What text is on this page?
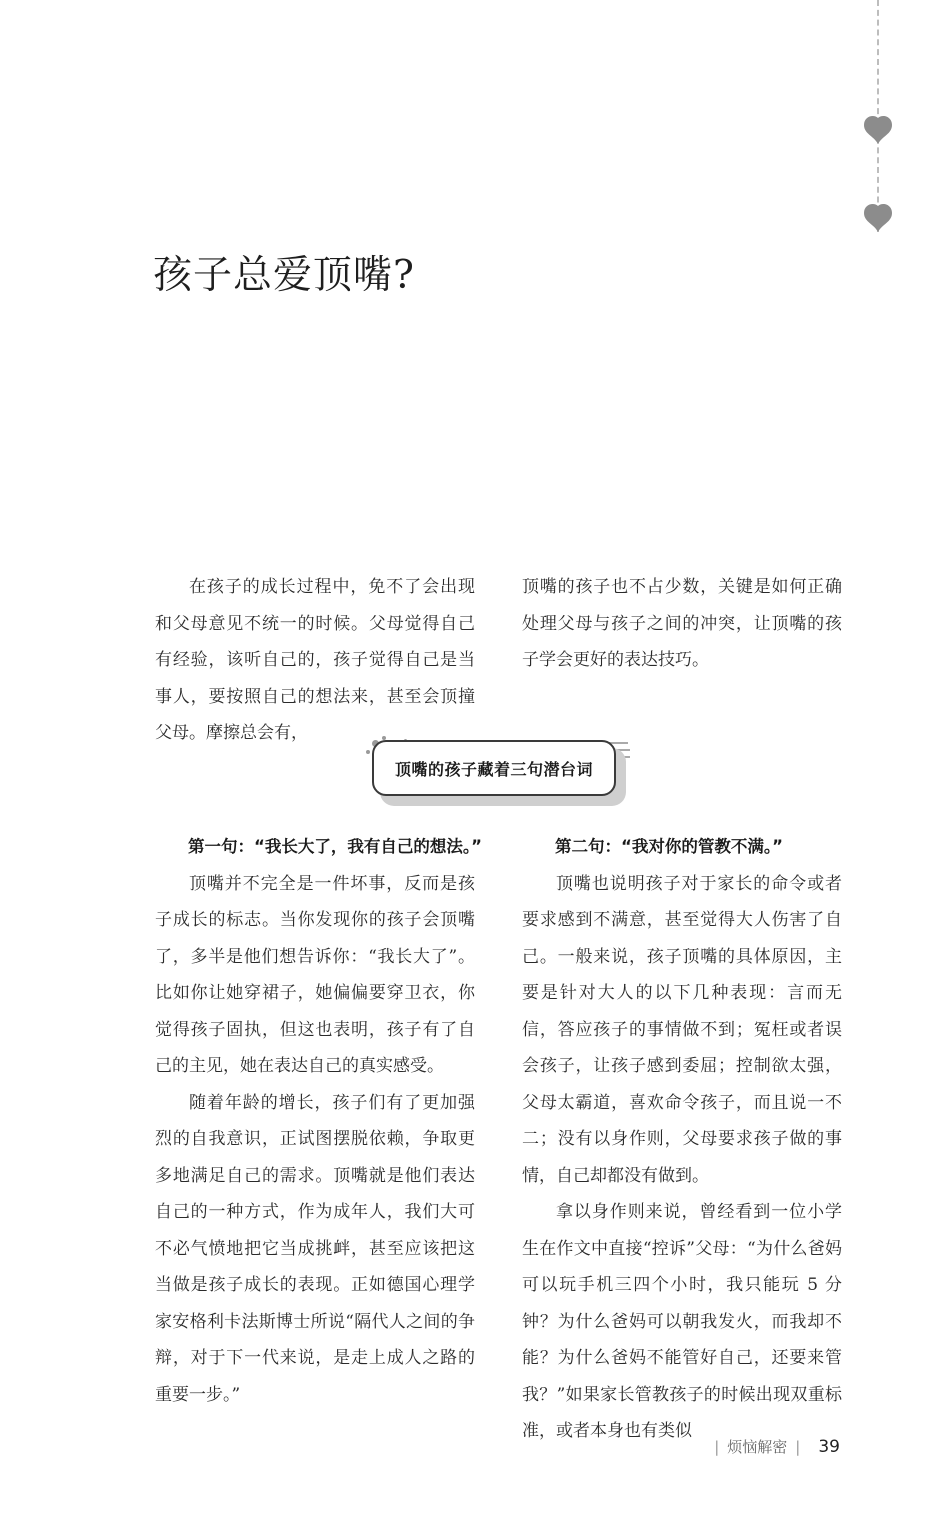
孩子总爱顶嘴?

在孩子的成长过程中，免不了会出现和父母意见不统一的时候。父母觉得自己有经验，该听自己的，孩子觉得自己是当事人，要按照自己的想法来，甚至会顶撞父母。摩擦总会有，

顶嘴的孩子也不占少数，关键是如何正确处理父母与孩子之间的冲突，让顶嘴的孩子学会更好的表达技巧。

顶嘴的孩子藏着三句潜台词
第一句：“我长大了，我有自己的想法。”

顶嘴并不完全是一件坏事，反而是孩子成长的标志。当你发现你的孩子会顶嘴了，多半是他们想告诉你：“我长大了”。比如你让她穿裙子，她偏偏要穿卫衣，你觉得孩子固执，但这也表明，孩子有了自己的主见，她在表达自己的真实感受。

随着年龄的增长，孩子们有了更加强烈的自我意识，正试图摆脱依赖，争取更多地满足自己的需求。顶嘴就是他们表达自己的一种方式，作为成年人，我们大可不必气愤地把它当成挑衅，甚至应该把这当做是孩子成长的表现。正如德国心理学家安格利卡法斯博士所说“隔代人之间的争辩，对于下一代来说，是走上成人之路的重要一步。”

第二句：“我对你的管教不满。”

顶嘴也说明孩子对于家长的命令或者要求感到不满意，甚至觉得大人伤害了自己。一般来说，孩子顶嘴的具体原因，主要是针对大人的以下几种表现：言而无信，答应孩子的事情做不到；冤枉或者误会孩子，让孩子感到委屈；控制欲太强，父母太霸道，喜欢命令孩子，而且说一不二；没有以身作则，父母要求孩子做的事情，自己却都没有做到。

拿以身作则来说，曾经看到一位小学生在作文中直接“控诉”父母：“为什么爸妈可以玩手机三四个小时，我只能玩 5 分钟？为什么爸妈可以朝我发火，而我却不能？为什么爸妈不能管好自己，还要来管我？”如果家长管教孩子的时候出现双重标准，或者本身也有类似

| 烦恼解密 | 39
